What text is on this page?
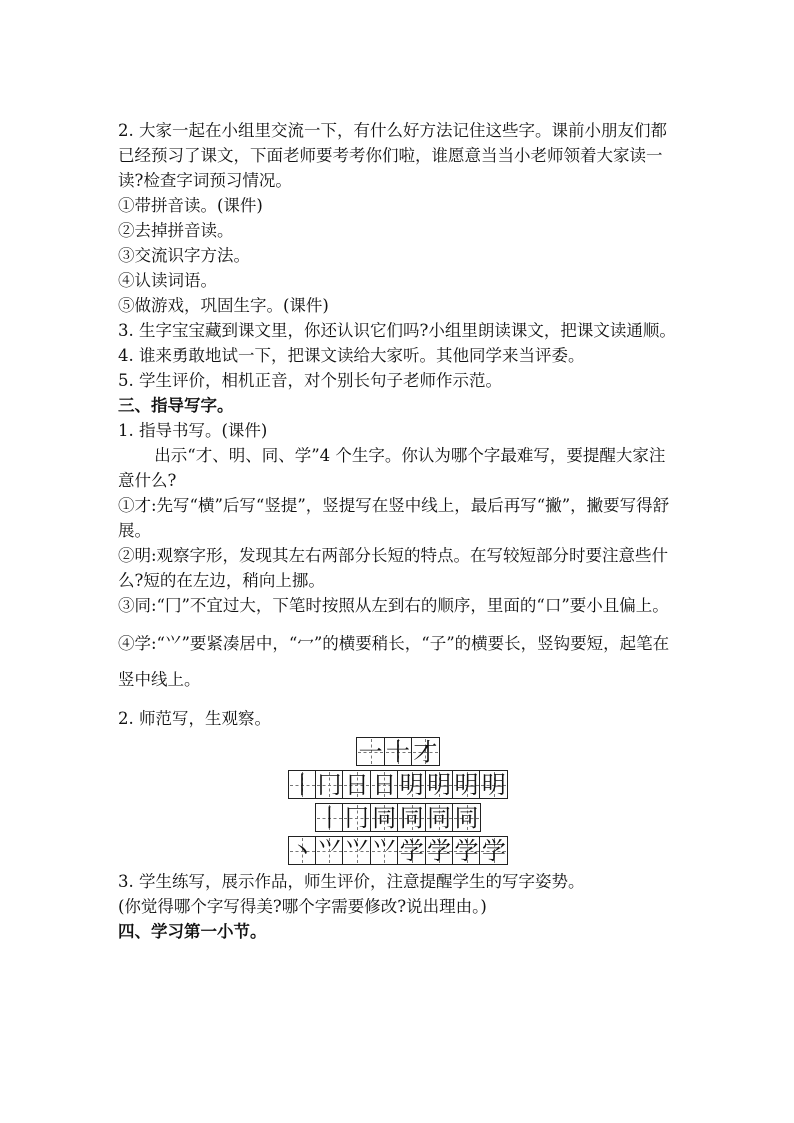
2. 大家一起在小组里交流一下，有什么好方法记住这些字。课前小朋友们都已经预习了课文，下面老师要考考你们啦，谁愿意当当小老师领着大家读一读?检查字词预习情况。

①带拼音读。(课件)

②去掉拼音读。

③交流识字方法。

④认读词语。

⑤做游戏，巩固生字。(课件)

3. 生字宝宝藏到课文里，你还认识它们吗?小组里朗读课文，把课文读通顺。

4. 谁来勇敢地试一下，把课文读给大家听。其他同学来当评委。

5. 学生评价，相机正音，对个别长句子老师作示范。

三、指导写字。

1. 指导书写。(课件)

出示“才、明、同、学”4 个生字。你认为哪个字最难写，要提醒大家注意什么?

①才:先写“横”后写“竖提”，竖提写在竖中线上，最后再写“撇”，撇要写得舒展。

②明:观察字形，发现其左右两部分长短的特点。在写较短部分时要注意些什么?短的在左边，稍向上挪。

③同:“冂”不宜过大，下笔时按照从左到右的顺序，里面的“口”要小且偏上。

④学:“⺍”要紧凑居中，“冖”的横要稍长，“子”的横要长，竖钩要短，起笔在竖中线上。

2. 师范写，生观察。

一 十 才
丨 冂 日 日 明 明 明 明
丨 冂 同 同 同 同
丶 ⺍ ⺍ ⺍ 学 学 学 学

3. 学生练写，展示作品，师生评价，注意提醒学生的写字姿势。

(你觉得哪个字写得美?哪个字需要修改?说出理由。)

四、学习第一小节。
